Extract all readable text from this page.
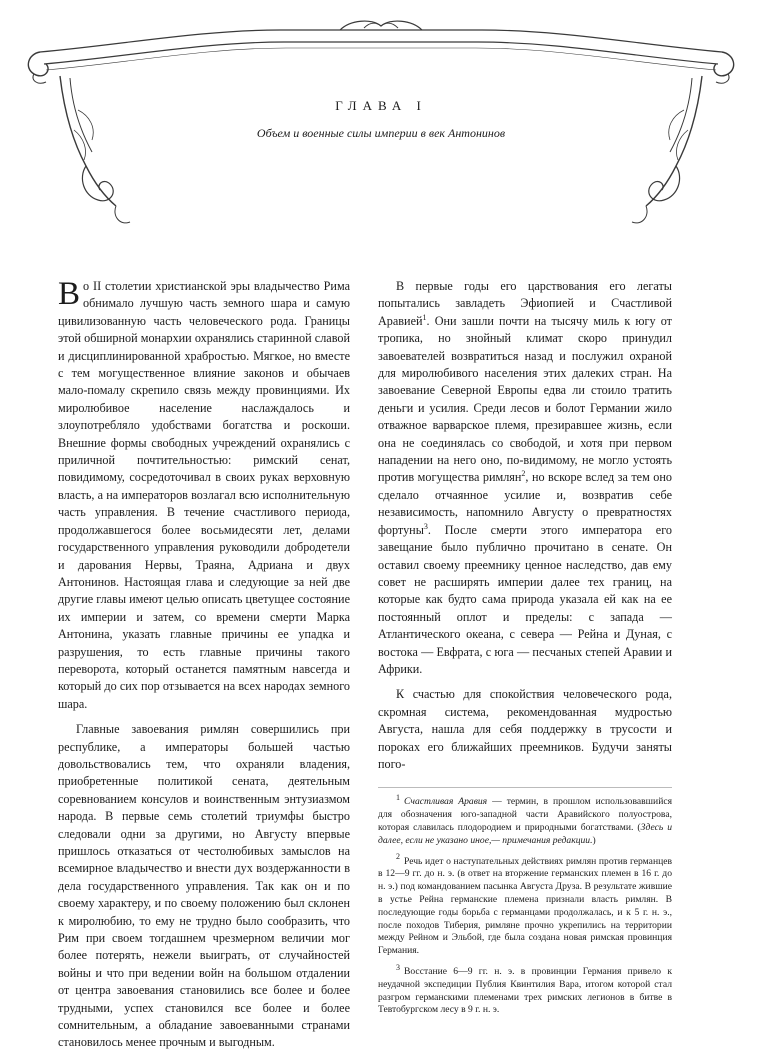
ГЛАВА I
Объем и военные силы империи в век Антонинов

Во II столетии христианской эры владычество Рима обнимало лучшую часть земного шара и самую цивилизованную часть человеческого рода. Границы этой обширной монархии охранялись старинной славой и дисциплинированной храбростью. Мягкое, но вместе с тем могущественное влияние законов и обычаев мало-помалу скрепило связь между провинциями. Их миролюбивое население наслаждалось и злоупотребляло удобствами богатства и роскоши. Внешние формы свободных учреждений охранялись с приличной почтительностью: римский сенат, повидимому, сосредоточивал в своих руках верховную власть, а на императоров возлагал всю исполнительную часть управления. В течение счастливого периода, продолжавшегося более восьмидесяти лет, делами государственного управления руководили добродетели и дарования Нервы, Траяна, Адриана и двух Антонинов. Настоящая глава и следующие за ней две другие главы имеют целью описать цветущее состояние их империи и затем, со времени смерти Марка Антонина, указать главные причины ее упадка и разрушения, то есть главные причины такого переворота, который останется памятным навсегда и который до сих пор отзывается на всех народах земного шара.

Главные завоевания римлян совершились при республике, а императоры большей частью довольствовались тем, что охраняли владения, приобретенные политикой сената, деятельным соревнованием консулов и воинственным энтузиазмом народа. В первые семь столетий триумфы быстро следовали одни за другими, но Августу впервые пришлось отказаться от честолюбивых замыслов на всемирное владычество и внести дух воздержанности в дела государственного управления. Так как он и по своему характеру, и по своему положению был склонен к миролюбию, то ему не трудно было сообразить, что Рим при своем тогдашнем чрезмерном величии мог более потерять, нежели выиграть, от случайностей войны и что при ведении войн на большом отдалении от центра завоевания становились все более и более трудными, успех становился все более и более сомнительным, а обладание завоеванными странами становилось менее прочным и выгодным.

В первые годы его царствования его легаты попытались завладеть Эфиопией и Счастливой Аравией$^1$. Они зашли почти на тысячу миль к югу от тропика, но знойный климат скоро принудил завоевателей возвратиться назад и послужил охраной для миролюбивого населения этих далеких стран. На завоевание Северной Европы едва ли стоило тратить деньги и усилия. Среди лесов и болот Германии жило отважное варварское племя, презиравшее жизнь, если она не соединялась со свободой, и хотя при первом нападении на него оно, по-видимому, не могло устоять против могущества римлян$^2$, но вскоре вслед за тем оно сделало отчаянное усилие и, возвратив себе независимость, напомнило Августу о превратностях фортуны$^3$. После смерти этого императора его завещание было публично прочитано в сенате. Он оставил своему преемнику ценное наследство, дав ему совет не расширять империи далее тех границ, на которые как будто сама природа указала ей как на ее постоянный оплот и пределы: с запада — Атлантического океана, с севера — Рейна и Дуная, с востока — Евфрата, с юга — песчаных степей Аравии и Африки.

К счастью для спокойствия человеческого рода, скромная система, рекомендованная мудростью Августа, нашла для себя поддержку в трусости и пороках его ближайших преемников. Будучи заняты пого-

$^1$ Счастливая Аравия — термин, в прошлом использовавшийся для обозначения юго-западной части Аравийского полуострова, которая славилась плодородием и природными богатствами. (Здесь и далее, если не указано иное,— примечания редакции.)

$^2$ Речь идет о наступательных действиях римлян против германцев в 12—9 гг. до н. э. (в ответ на вторжение германских племен в 16 г. до н. э.) под командованием пасынка Августа Друза. В результате жившие в устье Рейна германские племена признали власть римлян. В последующие годы борьба с германцами продолжалась, и к 5 г. н. э., после походов Тиберия, римляне прочно укрепились на территории между Рейном и Эльбой, где была создана новая римская провинция Германия.

$^3$ Восстание 6—9 гг. н. э. в провинции Германия привело к неудачной экспедиции Публия Квинтилия Вара, итогом которой стал разгром германскими племенами трех римских легионов в битве в Тевтобургском лесу в 9 г. н. э.
